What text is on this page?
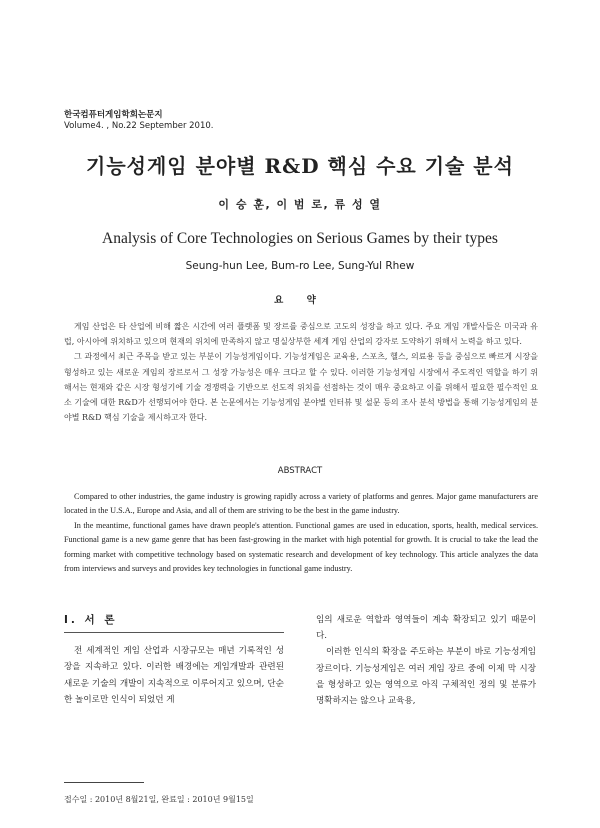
한국컴퓨터게임학회논문지
Volume4. , No.22 September 2010.
기능성게임 분야별 R&D 핵심 수요 기술 분석
이 승 훈, 이 범 로, 류 성 열
Analysis of Core Technologies on Serious Games by their types
Seung-hun Lee, Bum-ro Lee, Sung-Yul Rhew
요 약

게임 산업은 타 산업에 비해 짧은 시간에 여러 플랫폼 및 장르를 중심으로 고도의 성장을 하고 있다. 주요 게임 개발사들은 미국과 유럽, 아시아에 위치하고 있으며 현재의 위치에 만족하지 않고 명실상부한 세계 게임 산업의 강자로 도약하기 위해서 노력을 하고 있다.

그 과정에서 최근 주목을 받고 있는 부분이 기능성게임이다. 기능성게임은 교육용, 스포츠, 헬스, 의료용 등을 중심으로 빠르게 시장을 형성하고 있는 새로운 게임의 장르로서 그 성장 가능성은 매우 크다고 할 수 있다. 이러한 기능성게임 시장에서 주도적인 역할을 하기 위해서는 현재와 같은 시장 형성기에 기술 경쟁력을 기반으로 선도적 위치를 선점하는 것이 매우 중요하고 이를 위해서 필요한 필수적인 요소 기술에 대한 R&D가 선행되어야 한다. 본 논문에서는 기능성게임 분야별 인터뷰 및 설문 등의 조사 분석 방법을 통해 기능성게임의 분야별 R&D 핵심 기술을 제시하고자 한다.

ABSTRACT

Compared to other industries, the game industry is growing rapidly across a variety of platforms and genres. Major game manufacturers are located in the U.S.A., Europe and Asia, and all of them are striving to be the best in the game industry.

In the meantime, functional games have drawn people's attention. Functional games are used in education, sports, health, medical services. Functional game is a new game genre that has been fast-growing in the market with high potential for growth. It is crucial to take the lead the forming market with competitive technology based on systematic research and development of key technology. This article analyzes the data from interviews and surveys and provides key technologies in functional game industry.

Ⅰ. 서 론

전 세계적인 게임 산업과 시장규모는 매년 기록적인 성장을 지속하고 있다. 이러한 배경에는 게임개발과 관련된 새로운 기술의 개발이 지속적으로 이루어지고 있으며, 단순한 놀이로만 인식이 되었던 게

임의 새로운 역할과 영역들이 계속 확장되고 있기 때문이다.

이러한 인식의 확장을 주도하는 부분이 바로 기능성게임 장르이다. 기능성게임은 여러 게임 장르 중에 이제 막 시장을 형성하고 있는 영역으로 아직 구체적인 정의 및 분류가 명확하지는 않으나 교육용,

접수일 : 2010년 8월21일, 완료일 : 2010년 9월15일
